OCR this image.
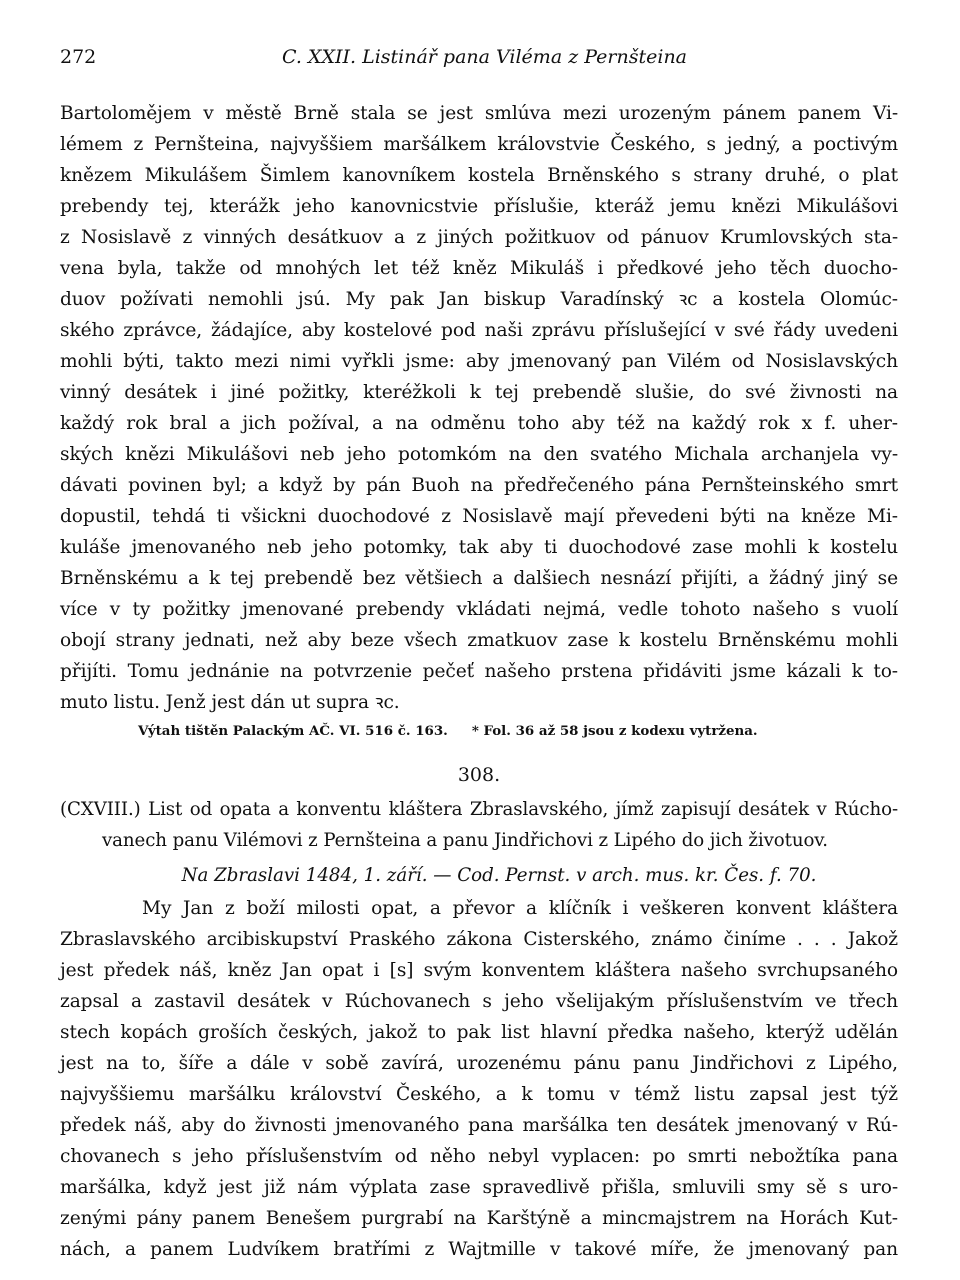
272	C. XXII. Listinář pana Viléma z Pernšteina
Bartolomějem v městě Brně stala se jest smlúva mezi urozeným pánem panem Vi-
lémem z Pernšteina, najvyššiem maršálkem královstvie Českého, s jedný, a poctivým
knězem Mikulášem Šimlem kanovníkem kostela Brněnského s strany druhé, o plat
prebendy tej, kterážk jeho kanovnicstvie příslušie, kteráž jemu knězi Mikulášovi
z Nosislavě z vinných desátkuov a z jiných požitkuov od pánuov Krumlovských sta-
vena byla, takže od mnohých let též kněz Mikuláš i předkové jeho těch duocho-
duov požívati nemohli jsú. My pak Jan biskup Varadínský ꝛc a kostela Olomúc-
ského zprávce, žádajíce, aby kostelové pod naši zprávu příslušející v své řády uvedeni
mohli býti, takto mezi nimi vyřkli jsme: aby jmenovaný pan Vilém od Nosislavských
vinný desátek i jiné požitky, kteréžkoli k tej prebendě slušie, do své živnosti na
každý rok bral a jich požíval, a na odměnu toho aby též na každý rok x f. uher-
ských knězi Mikulášovi neb jeho potomkóm na den svatého Michala archanjela vy-
dávati povinen byl; a když by pán Buoh na předřečeného pána Pernšteinského smrt
dopustil, tehdá ti všickni duochodové z Nosislavě mají převedeni býti na kněze Mi-
kuláše jmenovaného neb jeho potomky, tak aby ti duochodové zase mohli k kostelu
Brněnskému a k tej prebendě bez většiech a dalšiech nesnází přijíti, a žádný jiný se
více v ty požitky jmenované prebendy vkládati nejmá, vedle tohoto našeho s vuolí
obojí strany jednati, než aby beze všech zmatkuov zase k kostelu Brněnskému mohli
přijíti. Tomu jednánie na potvrzenie pečeť našeho prstena přidáviti jsme kázali k to-
muto listu. Jenž jest dán ut supra ꝛc.
Výtah tištěn Palackým AČ. VI. 516 č. 163. * Fol. 36 až 58 jsou z kodexu vytržena.
308.
(CXVIII.) List od opata a konventu kláštera Zbraslavského, jímž zapisují desátek v Rúcho-
vanech panu Vilémovi z Pernšteina a panu Jindřichovi z Lipého do jich životuov.
Na Zbraslavi 1484, 1. září. — Cod. Pernst. v arch. mus. kr. Čes. f. 70.
My Jan z boží milosti opat, a převor a klíčník i veškeren konvent kláštera
Zbraslavského arcibiskupství Praského zákona Cisterského, známo činíme . . . Jakož
jest předek náš, kněz Jan opat i [s] svým konventem kláštera našeho svrchupsaného
zapsal a zastavil desátek v Rúchovanech s jeho všelijakým příslušenstvím ve třech
stech kopách groších českých, jakož to pak list hlavní předka našeho, kterýž udělán
jest na to, šíře a dále v sobě zavírá, urozenému pánu panu Jindřichovi z Lipého,
najvyššiemu maršálku království Českého, a k tomu v témž listu zapsal jest týž
předek náš, aby do živnosti jmenovaného pana maršálka ten desátek jmenovaný v Rú-
chovanech s jeho příslušenstvím od něho nebyl vyplacen: po smrti nebožtíka pana
maršálka, když jest již nám výplata zase spravedlivě přišla, smluvili smy sě s uro-
zenými pány panem Benešem purgrabí na Karštýně a mincmajstrem na Horách Kut-
nách, a panem Ludvíkem bratřími z Wajtmille v takové míře, že jmenovaný pan
